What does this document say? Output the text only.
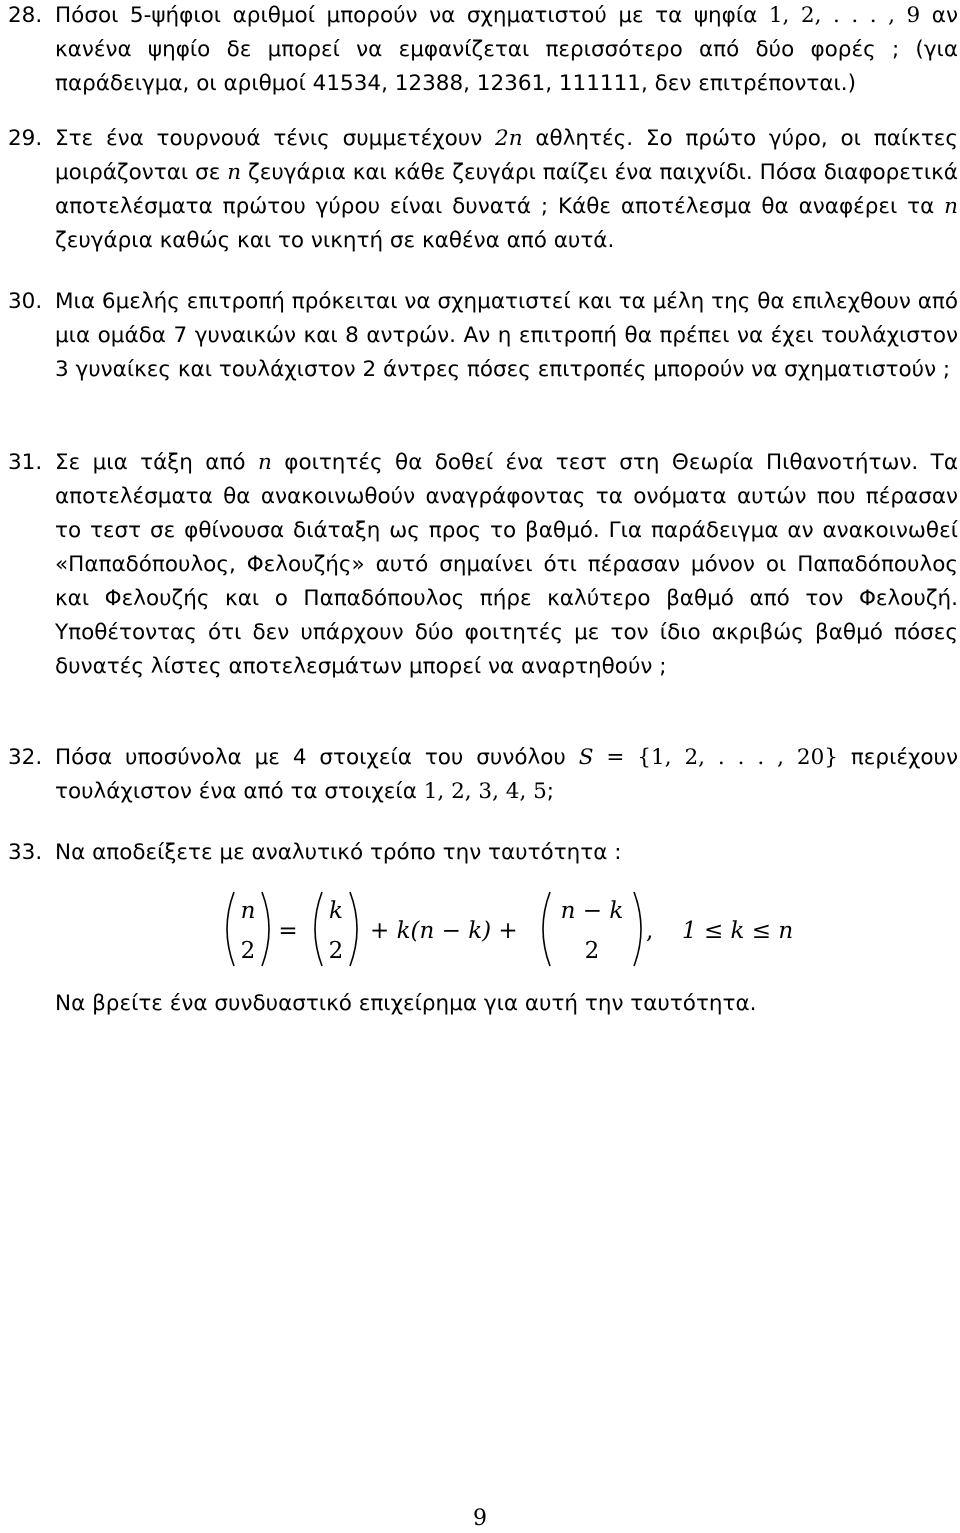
28. Πόσοι 5-ψήφιοι αριθμοί μπορούν να σχηματιστού με τα ψηφία 1, 2, . . . , 9 αν κανένα ψηφίο δε μπορεί να εμφανίζεται περισσότερο από δύο φορές ; (για παράδειγμα, οι αριθμοί 41534, 12388, 12361, 111111, δεν επιτρέπονται.)
29. Στε ένα τουρνουά τένις συμμετέχουν 2n αθλητές. Σο πρώτο γύρο, οι παίκτες μοιράζονται σε n ζευγάρια και κάθε ζευγάρι παίζει ένα παιχνίδι. Πόσα διαφορετικά αποτελέσματα πρώτου γύρου είναι δυνατά ; Κάθε αποτέλεσμα θα αναφέρει τα n ζευγάρια καθώς και το νικητή σε καθένα από αυτά.
30. Μια 6μελής επιτροπή πρόκειται να σχηματιστεί και τα μέλη της θα επιλεχθουν από μια ομάδα 7 γυναικών και 8 αντρών. Αν η επιτροπή θα πρέπει να έχει τουλάχιστον 3 γυναίκες και τουλάχιστον 2 άντρες πόσες επιτροπές μπορούν να σχηματιστούν ;
31. Σε μια τάξη από n φοιτητές θα δοθεί ένα τεστ στη Θεωρία Πιθανοτήτων. Τα αποτελέσματα θα ανακοινωθούν αναγράφοντας τα ονόματα αυτών που πέρασαν το τεστ σε φθίνουσα διάταξη ως προς το βαθμό. Για παράδειγμα αν ανακοινωθεί «Παπαδόπουλος, Φελουζής» αυτό σημαίνει ότι πέρασαν μόνον οι Παπαδόπουλος και Φελουζής και ο Παπαδόπουλος πήρε καλύτερο βαθμό από τον Φελουζή. Υποθέτοντας ότι δεν υπάρχουν δύο φοιτητές με τον ίδιο ακριβώς βαθμό πόσες δυνατές λίστες αποτελεσμάτων μπορεί να αναρτηθούν ;
32. Πόσα υποσύνολα με 4 στοιχεία του συνόλου S = {1, 2, . . . , 20} περιέχουν τουλάχιστον ένα από τα στοιχεία 1, 2, 3, 4, 5;
33. Να αποδείξετε με αναλυτικό τρόπο την ταυτότητα :
n
2
=
k
2
+ k(n − k) +
n − k
2
, 1 ≤ k ≤ n
Να βρείτε ένα συνδυαστικό επιχείρημα για αυτή την ταυτότητα.
9
